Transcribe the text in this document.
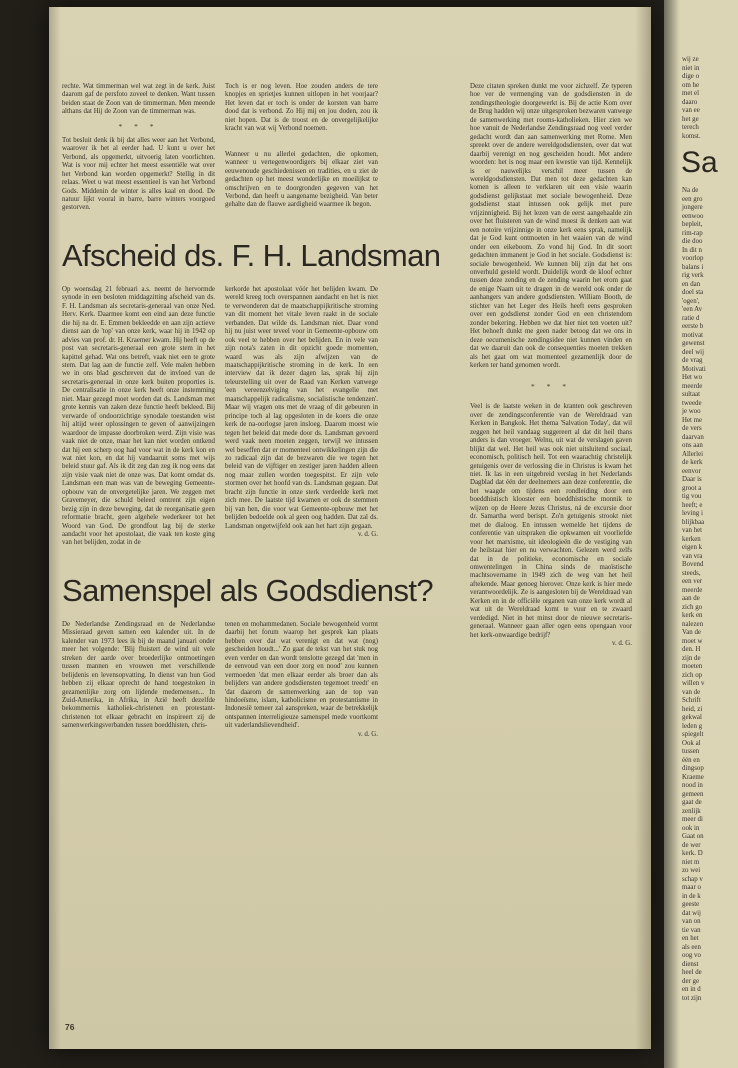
rechte. Wat timmerman wel wat zegt in de kerk. Juist daarom gaf de persfoto zoveel te denken. Want tussen beiden staat de Zoon van de timmerman. Men meende althans dat Hij de Zoon van de timmerman was.

* * *

Tot besluit denk ik bij dat alles weer aan het Verbond, waarover ik het al eerder had. U kunt u over het Verbond, als opgemerkt, uitvoerig laten voorlichten. Wat is voor mij echter het meest essentiële wat over het Verbond kan worden opgemerkt? Stellig in dit relaas. Weet u wat meest essentieel is van het Verbond Gods. Middenin de winter is alles kaal en dood. De natuur lijkt vooral in barre, barre winters voorgoed gestorven.

Toch is er nog leven. Hoe zouden anders de tere knopjes en sprietjes kunnen uitlopen in het voorjaar? Het leven dat er toch is onder de korsten van barre dood dat is verbond. Zo Hij mij en jou doden, zou ik niet hopen. Dat is de troost en de onvergelijkelijke kracht van wat wij Verbond noemen.

Wanneer u nu allerlei gedachten, die opkomen, wanneer u vertegenwoordigers bij elkaar ziet van eeuwenoude geschiedenissen en tradities, en u ziet de gedachten op het meest wonderlijke en moeilijkst te omschrijven en te doorgronden gegeven van het Verbond, dan heeft u aangename bezigheid. Van beter gehalte dan de flauwe aardigheid waarmee ik begon.

Afscheid ds. F. H. Landsman

Op woensdag 21 februari a.s. neemt de hervormde synode in een besloten middagzitting afscheid van ds. F. H. Landsman als secretaris-generaal van onze Ned. Herv. Kerk. Daarmee komt een eind aan deze functie die hij na dr. E. Emmen bekleedde en aan zijn actieve dienst aan de 'top' van onze kerk, waar hij in 1942 op advies van prof. dr. H. Kraemer kwam. Hij heeft op de post van secretaris-generaal een grote stem in het kapittel gehad. Wat ons betreft, vaak niet een te grote stem. Dat lag aan de functie zelf. Vele malen hebben we in ons blad geschreven dat de invloed van de secretaris-generaal in onze kerk buiten proporties is. De centralisatie in onze kerk heeft onze instemming niet. Maar gezegd moet worden dat ds. Landsman met grote kennis van zaken deze functie heeft bekleed. Bij verwarde of ondoorzichtige synodale toestanden wist hij altijd weer oplossingen te geven of aanwijzingen waardoor de impasse doorbroken werd. Zijn visie was vaak niet de onze, maar het kan niet worden ontkend dat hij een scherp oog had voor wat in de kerk kon en wat niet kon, en dat hij vandaaruit soms met wijs beleid stuur gaf. Als ik dit zeg dan zeg ik nog eens dat zijn visie vaak niet de onze was. Dat komt omdat ds. Landsman een man was van de beweging Gemeente-opbouw van de onvergetelijke jaren. We zeggen met Gravemeyer, die schuld beleed omtrent zijn eigen bezig zijn in deze beweging, dat de reorganisatie geen reformatie bracht, geen algehele wederkeer tot het Woord van God. De grondfout lag bij de sterke aandacht voor het apostolaat, die vaak ten koste ging van het belijden, zodat in de

kerkorde het apostolaat vóór het belijden kwam. De wereld kreeg toch overspannen aandacht en het is niet te verwonderen dat de maatschappijkritische stroming van dit moment het vitale leven raakt in de sociale verbanden. Dat wilde ds. Landsman niet. Daar vond hij nu juist weer teveel voor in Gemeente-opbouw om ook veel te hebben over het belijden. En in vele van zijn nota's zaten in dit opzicht goede momenten, waard was als zijn afwijzen van de maatschappijkritische stroming in de kerk. In een interview dat ik dezer dagen las, sprak hij zijn teleurstelling uit over de Raad van Kerken vanwege 'een vereenzelviging van het evangelie met maatschappelijk radicalisme, socialistische tendenzen'. Maar wij vragen ons met de vraag of dit gebeuren in principe toch al lag opgesloten in de koers die onze kerk de na-oorlogse jaren insloeg. Daarom moest wie tegen het beleid dat mede door ds. Landsman gevoerd werd vaak neen moeten zeggen, terwijl we intussen wel beseffen dat er momenteel ontwikkelingen zijn die zo radicaal zijn dat de bezwaren die we tegen het beleid van de vijftiger en zestiger jaren hadden alleen nog maar zullen worden toegespitst. Er zijn vele stormen over het hoofd van ds. Landsman gegaan. Dat bracht zijn functie in onze sterk verdeelde kerk met zich mee. De laatste tijd kwamen er ook de stemmen bij van hen, die voor wat Gemeente-opbouw met het belijden bedoelde ook al geen oog hadden. Dat zal ds. Landsman ongetwijfeld ook aan het hart zijn gegaan.

v. d. G.
Samenspel als Godsdienst?

De Nederlandse Zendingsraad en de Nederlandse Missieraad geven samen een kalender uit. In de kalender van 1973 lees ik bij de maand januari onder meer het volgende: 'Blij fluistert de wind uit vele streken der aarde over broederlijke ontmoetingen tussen mannen en vrouwen met verschillende belijdenis en levensopvatting. In dienst van hun God hebben zij elkaar oprecht de hand toegestoken in gezamenlijke zorg om lijdende medemensen... In Zuid-Amerika, in Afrika, in Azië heeft dezelfde bekommernis katholiek-christenen en protestant-christenen tot elkaar gebracht en inspireert zij de samenwerkingsverbanden tussen boeddhisten, chris-

tenen en mohammedanen. Sociale bewogenheid vormt daarbij het forum waarop het gesprek kan plaats hebben over dat wat verenigt en dat wat (nog) gescheiden houdt...' Zo gaat de tekst van het stuk nog even verder en dan wordt tenslotte gezegd dat 'men in de eenvoud van een door zorg en nood' zou kunnen vermoeden 'dat men elkaar eerder als broer dan als belijders van andere godsdiensten tegemoet treedt' en 'dat daarom de samenwerking aan de top van hindoeïsme, islam, katholicisme en protestantisme in Indonesië temeer zal aanspreken, waar de betrekkelijk ontspannen interreligieuze samenspel mede voortkomt uit vaderlandslievendheid'.

v. d. G.

Deze citaten spreken dunkt me voor zichzelf. Ze typeren hoe ver de vermenging van de godsdiensten in de zendingstheologie doorgewerkt is. Bij de actie Kom over de Brug hadden wij onze uitgesproken bezwaren vanwege de samenwerking met rooms-katholieken. Hier zien we hoe vanuit de Nederlandse Zendingsraad nog veel verder gedacht wordt dan aan samenwerking met Rome. Men spreekt over de andere wereldgodsdiensten, over dat wat daarbij verenigt en nog gescheiden houdt. Met andere woorden: het is nog maar een kwestie van tijd. Kennelijk is er nauwelijks verschil meer tussen de wereldgodsdiensten. Dat men tot deze gedachten kan komen is alleen te verklaren uit een visie waarin godsdienst gelijkstaat met sociale bewogenheid. Deze godsdienst staat intussen ook gelijk met pure vrijzinnigheid. Bij het lezen van de eerst aangehaalde zin over het fluisteren van de wind moest ik denken aan wat een notoire vrijzinnige in onze kerk eens sprak, namelijk dat je God kunt ontmoeten in het waaien van de wind onder een eikeboom. Zo vond hij God. In dit soort gedachten immanent je God in het sociale. Godsdienst is: sociale bewogenheid. We kunnen blij zijn dat het ons onverhuld gesteld wordt. Duidelijk wordt de kloof echter tussen deze zending en de zending waarin het erom gaat de enige Naam uit te dragen in de wereld ook onder de aanhangers van andere godsdiensten. William Booth, de stichter van het Leger des Heils heeft eens gesproken over een godsdienst zonder God en een christendom zonder bekering. Hebben we dat hier niet ten voeten uit? Het behoeft dunkt me geen nader betoog dat we ons in deze oecumenische zendingsidee niet kunnen vinden en dat we daaruit dan ook de consequenties moeten trekken als het gaat om wat momenteel gezamenlijk door de kerken ter hand genomen wordt.

* * *

Veel is de laatste weken in de kranten ook geschreven over de zendingsconferentie van de Wereldraad van Kerken in Bangkok. Het thema 'Salvation Today', dat wil zeggen het heil vandaag suggereert al dat dit heil thans anders is dan vroeger. Welnu, uit wat de verslagen gaven blijkt dat wel. Het heil was ook niet uitsluitend sociaal, economisch, politisch heil. Tot een waarachtig christelijk getuigenis over de verlossing die in Christus is kwam het niet. Ik las in een uitgebreid verslag in het Nederlands Dagblad dat één der deelnemers aan deze conferentie, die het waagde om tijdens een rondleiding door een boeddhistisch klooster een boeddhistische monnik te wijzen op de Heere Jezus Christus, ná de excursie door dr. Samartha werd berispt. Zo'n getuigenis strookt niet met de dialoog. En intussen wemelde het tijdens de conferentie van uitspraken die opkwamen uit voorliefde voor het marxisme, uit ideologieën die de vestiging van de heilstaat hier en nu verwachten. Gelezen werd zelfs dat in de politieke, economische en sociale omwentelingen in China sinds de maoïstische machtsovername in 1949 zich de weg van het heil aftekende. Maar genoeg hierover. Onze kerk is hier mede verantwoordelijk. Ze is aangesloten bij de Wereldraad van Kerken en in de officiële organen van onze kerk wordt al wat uit de Wereldraad komt te vuur en te zwaard verdedigd. Niet in het minst door de nieuwe secretaris-generaal. Wanneer gaan aller ogen eens opengaan voor het kerk-onwaardige bedrijf?

v. d. G.
76
wij ze
niet in
dige o
om he
met el
daaro
van ee
het ge
terech
komst.
Sa
Na de
een gro
jongere
eenwoo
bepleit,
rim-rap
die doo
In dit n
voorlop
balans i
rig verk
en dan
doel sta
'ogen',
'een Av
ratie d
eerste b
motivat
gewenst
deel wij
de vrag
Motivati
Het wo
meerde
sultaat
tweede
je woo
Het me
de vers
daarvan
ons aan
Allerlei
de kerk
eenvor
Daar is
groot a
tig vou
heeft; e
leving i
blijkbaa
van het
kerken
eigen k
van vra
Bovend
steeds,
een ver
meerde
aan de
zich go
kerk en
nalezen
Van de
moet w
den. H
zijn de
moeten
zich op
willen v
van de
Schrift
heid, zi
gekwal
leden g
spiegelt
Ook al
tussen
één en
dingsop
Kraeme
nood in
gemeen
gaat de
zenlijk
meer di
ook in
Gaat on
de wer
kerk. D
niet m
zo wei
schap v
maar o
in de k
geeste
dat wij
van on
tie van
en het
als een
oog vo
dienst
heel de
der ge
en in d
tot zijn
